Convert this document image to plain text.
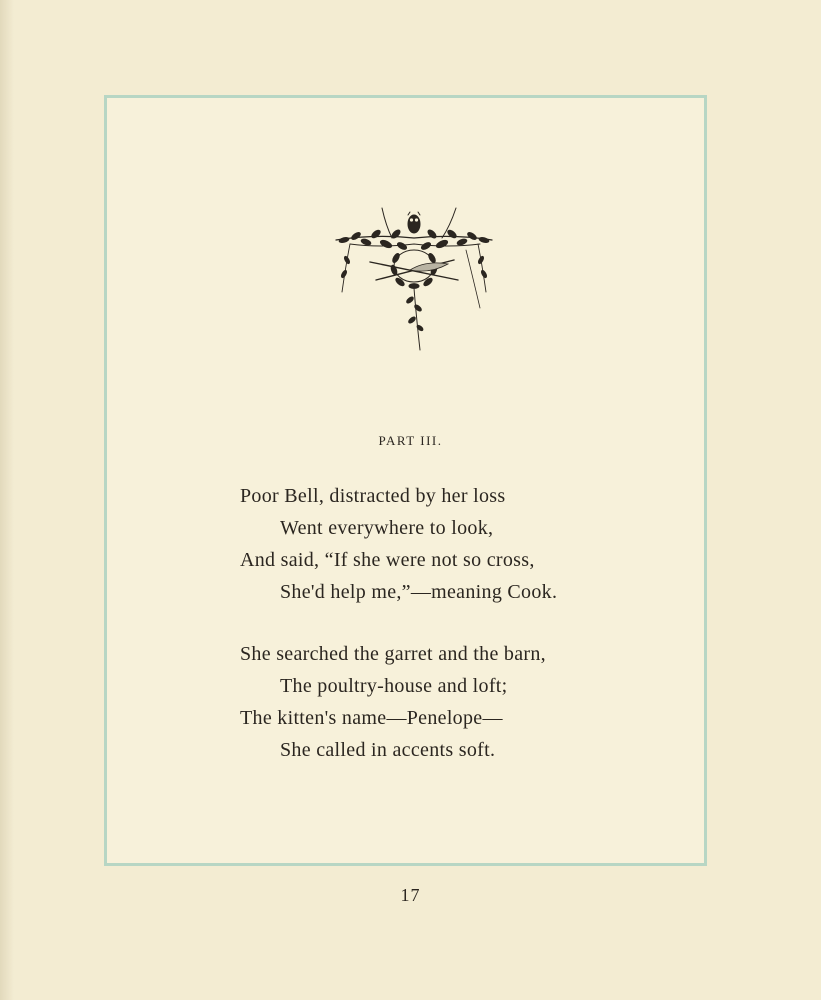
PART III.
Poor Bell, distracted by her loss
Went everywhere to look,
And said, “If she were not so cross,
She'd help me,”—meaning Cook.
She searched the garret and the barn,
The poultry-house and loft;
The kitten's name—Penelope—
She called in accents soft.
17
